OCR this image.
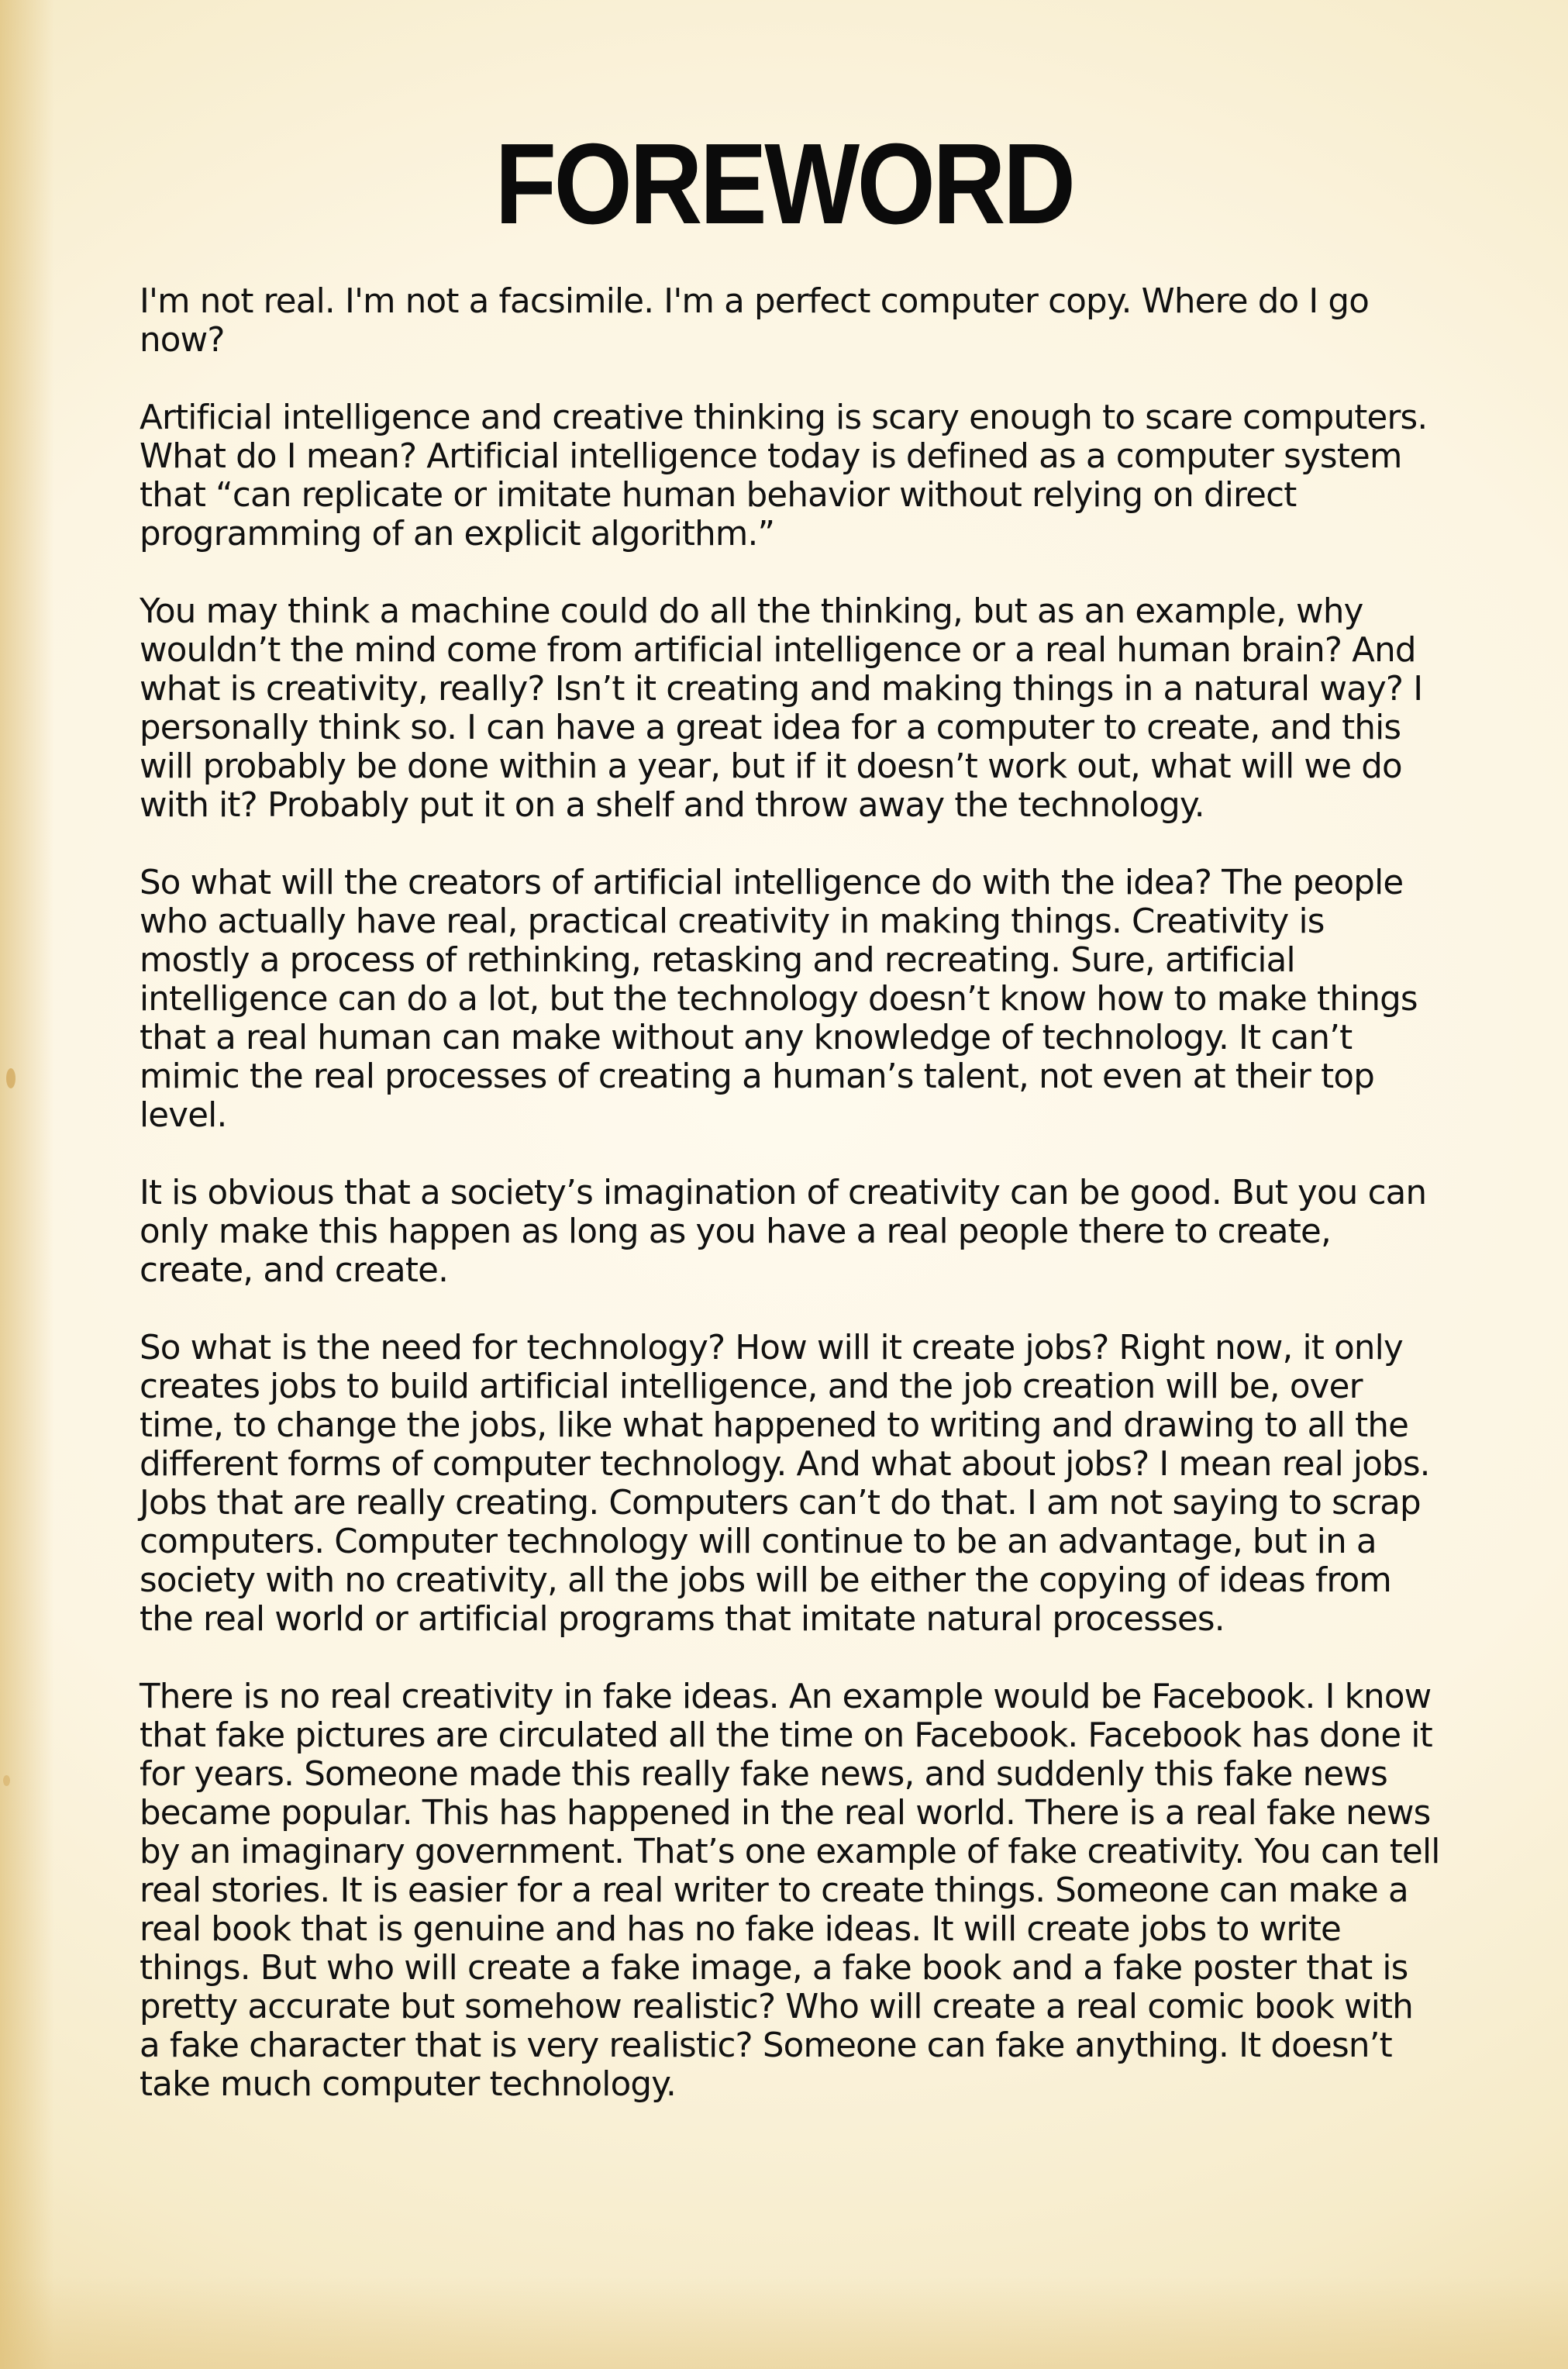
FOREWORD

I'm not real. I'm not a facsimile. I'm a perfect computer copy. Where do I go now?

Artificial intelligence and creative thinking is scary enough to scare computers. What do I mean? Artificial intelligence today is defined as a computer system that “can replicate or imitate human behavior without relying on direct programming of an explicit algorithm.”

You may think a machine could do all the thinking, but as an example, why wouldn’t the mind come from artificial intelligence or a real human brain? And what is creativity, really? Isn’t it creating and making things in a natural way? I personally think so. I can have a great idea for a computer to create, and this will probably be done within a year, but if it doesn’t work out, what will we do with it? Probably put it on a shelf and throw away the technology.

So what will the creators of artificial intelligence do with the idea? The people who actually have real, practical creativity in making things. Creativity is mostly a process of rethinking, retasking and recreating. Sure, artificial intelligence can do a lot, but the technology doesn’t know how to make things that a real human can make without any knowledge of technology. It can’t mimic the real processes of creating a human’s talent, not even at their top level.

It is obvious that a society’s imagination of creativity can be good. But you can only make this happen as long as you have a real people there to create, create, and create.

So what is the need for technology? How will it create jobs? Right now, it only creates jobs to build artificial intelligence, and the job creation will be, over time, to change the jobs, like what happened to writing and drawing to all the different forms of computer technology. And what about jobs? I mean real jobs. Jobs that are really creating. Computers can’t do that. I am not saying to scrap computers. Computer technology will continue to be an advantage, but in a society with no creativity, all the jobs will be either the copying of ideas from the real world or artificial programs that imitate natural processes.

There is no real creativity in fake ideas. An example would be Facebook. I know that fake pictures are circulated all the time on Facebook. Facebook has done it for years. Someone made this really fake news, and suddenly this fake news became popular. This has happened in the real world. There is a real fake news by an imaginary government. That’s one example of fake creativity. You can tell real stories. It is easier for a real writer to create things. Someone can make a real book that is genuine and has no fake ideas. It will create jobs to write things. But who will create a fake image, a fake book and a fake poster that is pretty accurate but somehow realistic? Who will create a real comic book with a fake character that is very realistic? Someone can fake anything. It doesn’t take much computer technology.
